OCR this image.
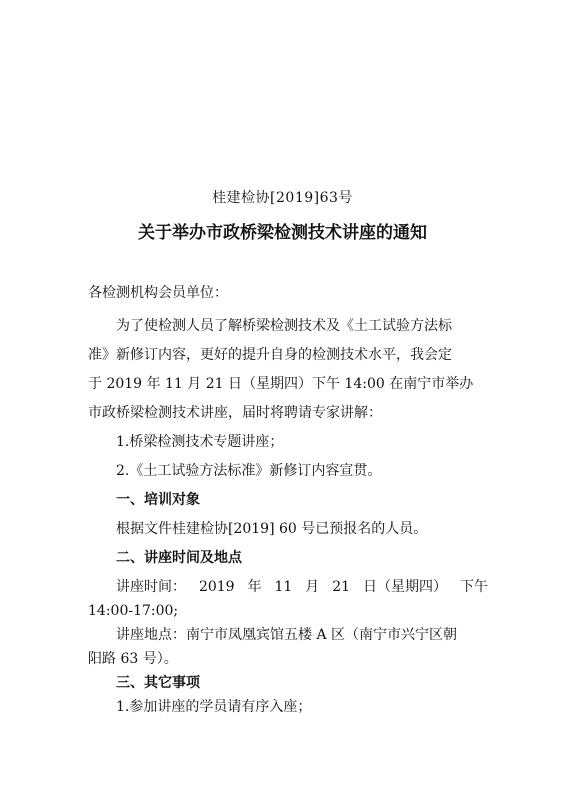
桂建检协[2019]63号
关于举办市政桥梁检测技术讲座的通知
各检测机构会员单位：
为了使检测人员了解桥梁检测技术及《土工试验方法标
准》新修订内容，更好的提升自身的检测技术水平，我会定
于 2019 年 11 月 21 日（星期四）下午 14:00 在南宁市举办
市政桥梁检测技术讲座，届时将聘请专家讲解：
1.桥梁检测技术专题讲座；
2.《土工试验方法标准》新修订内容宣贯。
一、培训对象
根据文件桂建检协[2019] 60 号已预报名的人员。
二、讲座时间及地点
讲座时间： 2019 年 11 月 21 日（星期四） 下午
14:00-17:00;
讲座地点：南宁市凤凰宾馆五楼 A 区（南宁市兴宁区朝
阳路 63 号）。
三、其它事项
1.参加讲座的学员请有序入座；
